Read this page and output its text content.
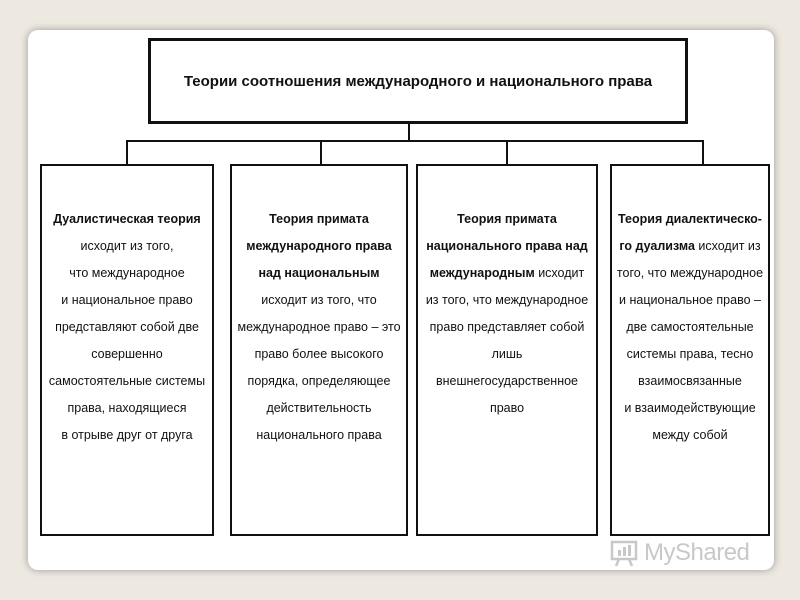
Теории соотношения международного и национального права
Дуалистическая теория
исходит из того,
что международное
и национальное право
представляют собой две
совершенно
самостоятельные системы
права, находящиеся
в отрыве друг от друга
Теория примата
международного права
над национальным
исходит из того, что
международное право – это
право более высокого
порядка, определяющее
действительность
национального права
Теория примата
национального права над
международным исходит
из того, что международное
право представляет собой
лишь
внешнегосударственное
право
Теория диалектическо-
го дуализма исходит из
того, что международное
и национальное право –
две самостоятельные
системы права, тесно
взаимосвязанные
и взаимодействующие
между собой
MyShared
